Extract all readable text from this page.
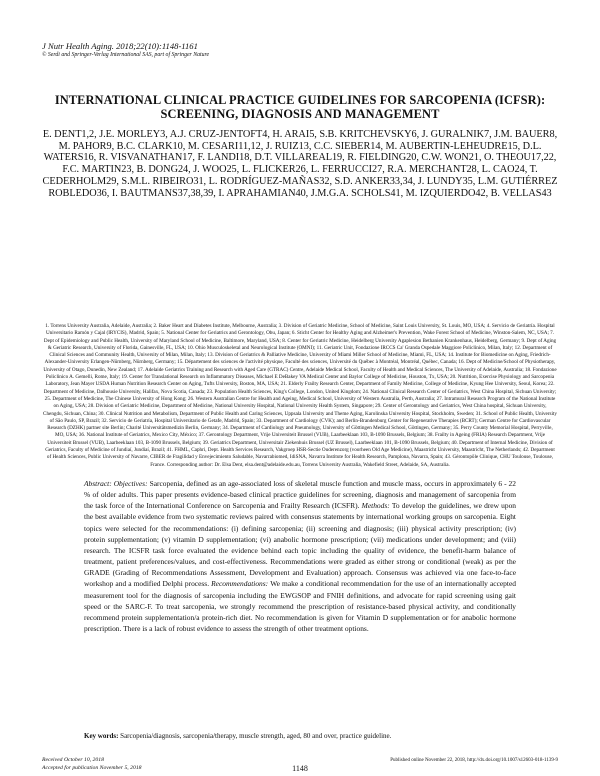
J Nutr Health Aging. 2018;22(10):1148-1161
© Serdi and Springer-Verlag International SAS, part of Springer Nature
INTERNATIONAL CLINICAL PRACTICE GUIDELINES FOR SARCOPENIA (ICFSR): SCREENING, DIAGNOSIS AND MANAGEMENT
E. DENT1,2, J.E. MORLEY3, A.J. CRUZ-JENTOFT4, H. ARAI5, S.B. KRITCHEVSKY6, J. GURALNIK7, J.M. BAUER8, M. PAHOR9, B.C. CLARK10, M. CESARI11,12, J. RUIZ13, C.C. SIEBER14, M. AUBERTIN-LEHEUDRE15, D.L. WATERS16, R. VISVANATHAN17, F. LANDI18, D.T. VILLAREAL19, R. FIELDING20, C.W. WON21, O. THEOU17,22, F.C. MARTIN23, B. DONG24, J. WOO25, L. FLICKER26, L. FERRUCCI27, R.A. MERCHANT28, L. CAO24, T. CEDERHOLM29, S.M.L. RIBEIRO31, L. RODRÍGUEZ-MAÑAS32, S.D. ANKER33,34, J. LUNDY35, L.M. GUTIÉRREZ ROBLEDO36, I. BAUTMANS37,38,39, I. APRAHAMIAN40, J.M.G.A. SCHOLS41, M. IZQUIERDO42, B. VELLAS43
1. Torrens University Australia, Adelaide, Australia; 2. Baker Heart and Diabetes Institute, Melbourne, Australia; 3. Division of Geriatric Medicine, School of Medicine, Saint Louis University, St. Louis, MO, USA; 4. Servicio de Geriatría. Hospital Universitario Ramón y Cajal (IRYCIS), Madrid, Spain; 5. National Center for Geriatrics and Gerontology, Obu, Japan; 6. Sticht Center for Healthy Aging and Alzheimer's Prevention, Wake Forest School of Medicine, Winston-Salem, NC, USA; 7. Dept of Epidemiology and Public Health, University of Maryland School of Medicine, Baltimore, Maryland, USA; 8. Center for Geriatric Medicine, Heidelberg University Agaplesion Bethanien Krankenhaus, Heidelberg, Germany; 9. Dept of Aging & Geriatric Research, University of Florida, Gainesville, FL, USA; 10. Ohio Musculoskeletal and Neurological Institute (OMNI); 11. Geriatric Unit, Fondazione IRCCS Ca' Granda Ospedale Maggiore Policlinico, Milan, Italy; 12. Department of Clinical Sciences and Community Health, University of Milan, Milan, Italy; 13. Division of Geriatrics & Palliative Medicine, University of Miami Miller School of Medicine, Miami, FL, USA; 14. Institute for Biomedicine on Aging, Friedrich-Alexander-University Erlangen-Nürnberg, Nürnberg, Germany; 15. Département des sciences de l'activité physique, Faculté des sciences, Université du Québec à Montréal, Montréal, Québec, Canada; 16. Dept of Medicine/School of Physiotherapy, University of Otago, Dunedin, New Zealand; 17. Adelaide Geriatrics Training and Research with Aged Care (GTRAC) Centre, Adelaide Medical School, Faculty of Health and Medical Sciences, The University of Adelaide, Australia; 18. Fondazione Policlinico A. Gemelli, Rome, Italy; 19. Center for Translational Research on Inflammatory Diseases, Michael E DeBakey VA Medical Center and Baylor College of Medicine, Houston, Tx, USA; 20. Nutrition, Exercise Physiology and Sarcopenia Laboratory, Jean Mayer USDA Human Nutrition Research Center on Aging, Tufts University, Boston, MA, USA; 21. Elderly Frailty Research Center, Department of Family Medicine, College of Medicine, Kyung Hee University, Seoul, Korea; 22. Department of Medicine, Dalhousie University, Halifax, Nova Scotia, Canada; 23. Population Health Sciences, King's College, London, United Kingdom; 24. National Clinical Research Center of Geriatrics, West China Hospital, Sichuan University; 25. Department of Medicine, The Chinese University of Hong Kong; 26. Western Australian Centre for Health and Ageing, Medical School, University of Western Australia, Perth, Australia; 27. Intramural Research Program of the National Institute on Aging, USA; 28. Division of Geriatric Medicine, Department of Medicine, National University Hospital, National University Health System, Singapore; 29. Center of Gerontology and Geriatrics, West China hospital, Sichuan University, Chengdu, Sichuan, China; 30. Clinical Nutrition and Metabolism, Department of Public Health and Caring Sciences, Uppsala University and Theme Aging, Karolinska University Hospital, Stockholm, Sweden; 31. School of Public Health, University of São Paulo, SP, Brazil; 32. Servicio de Geriatría, Hospital Universitario de Getafe, Madrid, Spain; 33. Department of Cardiology (CVK); and Berlin-Brandenburg Center for Regenerative Therapies (BCRT); German Centre for Cardiovascular Research (DZHK) partner site Berlin; Charité Universitätsmedizin Berlin, Germany; 34. Department of Cardiology and Pneumology, University of Göttingen Medical School, Göttingen, Germany; 35. Perry County Memorial Hospital, Perryville, MO, USA; 36. National Institute of Geriatrics, Mexico City, México; 37. Gerontology Department, Vrije Universiteit Brussel (VUB), Laarbeeklaan 103, B-1090 Brussels, Belgium; 38. Frailty in Ageing (FRIA) Research Department, Vrije Universiteit Brussel (VUB), Laarbeeklaan 103, B-1090 Brussels, Belgium; 39. Geriatrics Department, Universitair Ziekenhuis Brussel (UZ Brussel), Laarbeeklaan 101, B-1090 Brussels, Belgium; 40. Department of Internal Medicine, Division of Geriatrics, Faculty of Medicine of Jundiaí, Jundiaí, Brazil; 41. FHML, Caphri, Dept. Health Services Research, Vakgroep HSR-Sectie Ouderenzorg (voorheen Old Age Medicine), Maastricht University, Maastricht, The Netherlands; 42. Department of Health Sciences, Public University of Navarre, CIBER de Fragilidad y Envejecimiento Saludable, Navarrabiomed, IdiSNA, Navarra Institute for Health Research, Pamplona, Navarra, Spain; 43. Gérontopôle Clinique, CHU Toulouse, Toulouse, France. Corresponding author: Dr. Elsa Dent, elsa.dent@adelaide.edu.au, Torrens University Australia, Wakefield Street, Adelaide, SA, Australia.
Abstract: Objectives: Sarcopenia, defined as an age-associated loss of skeletal muscle function and muscle mass, occurs in approximately 6 - 22 % of older adults. This paper presents evidence-based clinical practice guidelines for screening, diagnosis and management of sarcopenia from the task force of the International Conference on Sarcopenia and Frailty Research (ICSFR). Methods: To develop the guidelines, we drew upon the best available evidence from two systematic reviews paired with consensus statements by international working groups on sarcopenia. Eight topics were selected for the recommendations: (i) defining sarcopenia; (ii) screening and diagnosis; (iii) physical activity prescription; (iv) protein supplementation; (v) vitamin D supplementation; (vi) anabolic hormone prescription; (vii) medications under development; and (viii) research. The ICSFR task force evaluated the evidence behind each topic including the quality of evidence, the benefit-harm balance of treatment, patient preferences/values, and cost-effectiveness. Recommendations were graded as either strong or conditional (weak) as per the GRADE (Grading of Recommendations Assessment, Development and Evaluation) approach. Consensus was achieved via one face-to-face workshop and a modified Delphi process. Recommendations: We make a conditional recommendation for the use of an internationally accepted measurement tool for the diagnosis of sarcopenia including the EWGSOP and FNIH definitions, and advocate for rapid screening using gait speed or the SARC-F. To treat sarcopenia, we strongly recommend the prescription of resistance-based physical activity, and conditionally recommend protein supplementation/a protein-rich diet. No recommendation is given for Vitamin D supplementation or for anabolic hormone prescription. There is a lack of robust evidence to assess the strength of other treatment options.
Key words: Sarcopenia/diagnosis, sarcopenia/therapy, muscle strength, aged, 80 and over, practice guideline.
Received October 10, 2018
Accepted for publication November 5, 2018	1148
Published online November 22, 2018, http://dx.doi.org/10.1007/s12603-018-1139-9
